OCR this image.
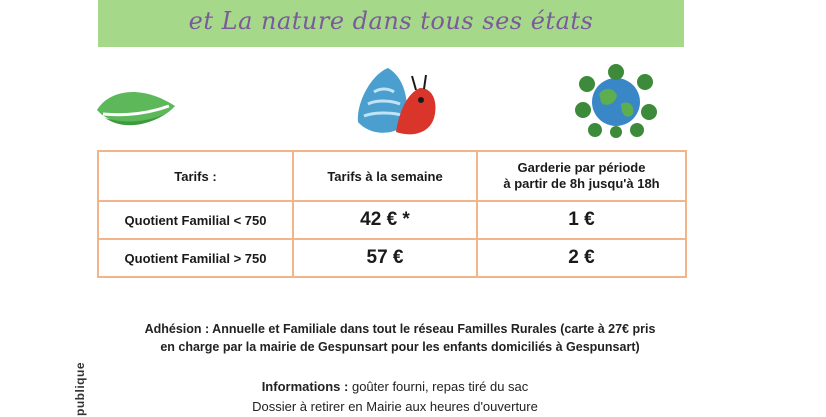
et La nature dans tous ses états
Tarifs :	Tarifs à la semaine	Garderie par période
à partir de 8h jusqu'à 18h

Quotient Familial < 750	42 € *	1 €
Quotient Familial > 750	57 €	2 €
Adhésion : Annuelle et Familiale dans tout le réseau Familles Rurales (carte à 27€ pris
en charge par la mairie de Gespunsart pour les enfants domiciliés à Gespunsart)
Informations : goûter fourni, repas tiré du sac
Dossier à retirer en Mairie aux heures d'ouverture
publique
